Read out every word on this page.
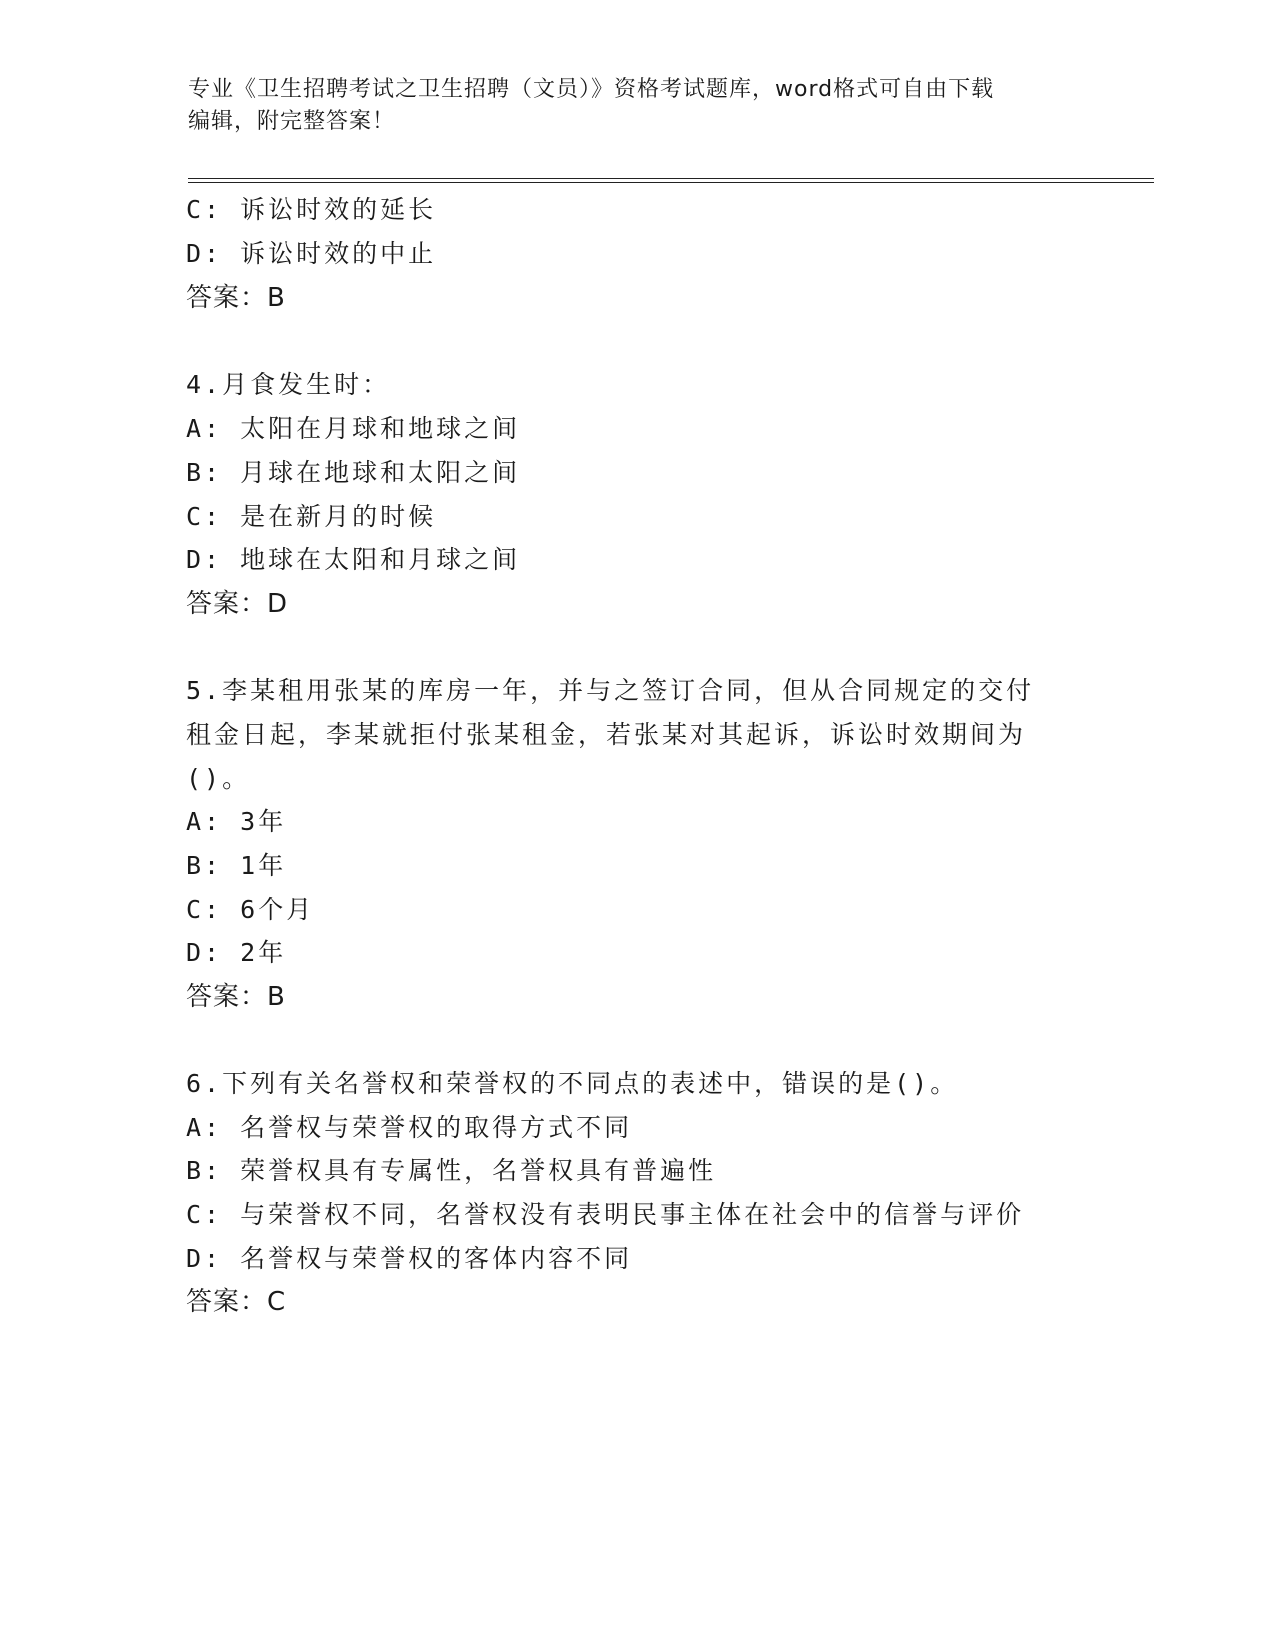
专业《卫生招聘考试之卫生招聘（文员）》资格考试题库，word格式可自由下载
编辑，附完整答案！
C: 诉讼时效的延长
D: 诉讼时效的中止
答案：B
4.月食发生时：
A: 太阳在月球和地球之间
B: 月球在地球和太阳之间
C: 是在新月的时候
D: 地球在太阳和月球之间
答案：D
5.李某租用张某的库房一年，并与之签订合同，但从合同规定的交付
租金日起，李某就拒付张某租金，若张某对其起诉，诉讼时效期间为
()。
A: 3年
B: 1年
C: 6个月
D: 2年
答案：B
6.下列有关名誉权和荣誉权的不同点的表述中，错误的是()。
A: 名誉权与荣誉权的取得方式不同
B: 荣誉权具有专属性，名誉权具有普遍性
C: 与荣誉权不同，名誉权没有表明民事主体在社会中的信誉与评价
D: 名誉权与荣誉权的客体内容不同
答案：C
